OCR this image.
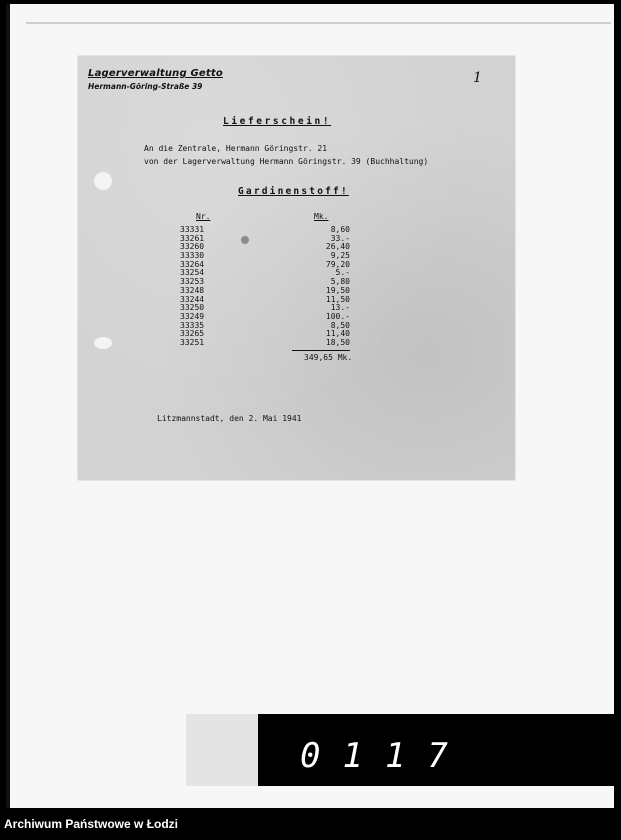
Lagerverwaltung Getto
Hermann-Göring-Straße 39
1
Lieferschein!
An die Zentrale, Hermann Göringstr. 21
von der Lagerverwaltung Hermann Göringstr. 39 (Buchhaltung)
Gardinenstoff!
Nr.	Mk.
33331	8,60
33261	33.-
33260	26,40
33330	9,25
33264	79,20
33254	5.-
33253	5,80
33248	19,50
33244	11,50
33250	13.-
33249	100.-
33335	8,50
33265	11,40
33251	18,50
349,65 Mk.
Litzmannstadt, den 2. Mai 1941
0117
Archiwum Państwowe w Łodzi
